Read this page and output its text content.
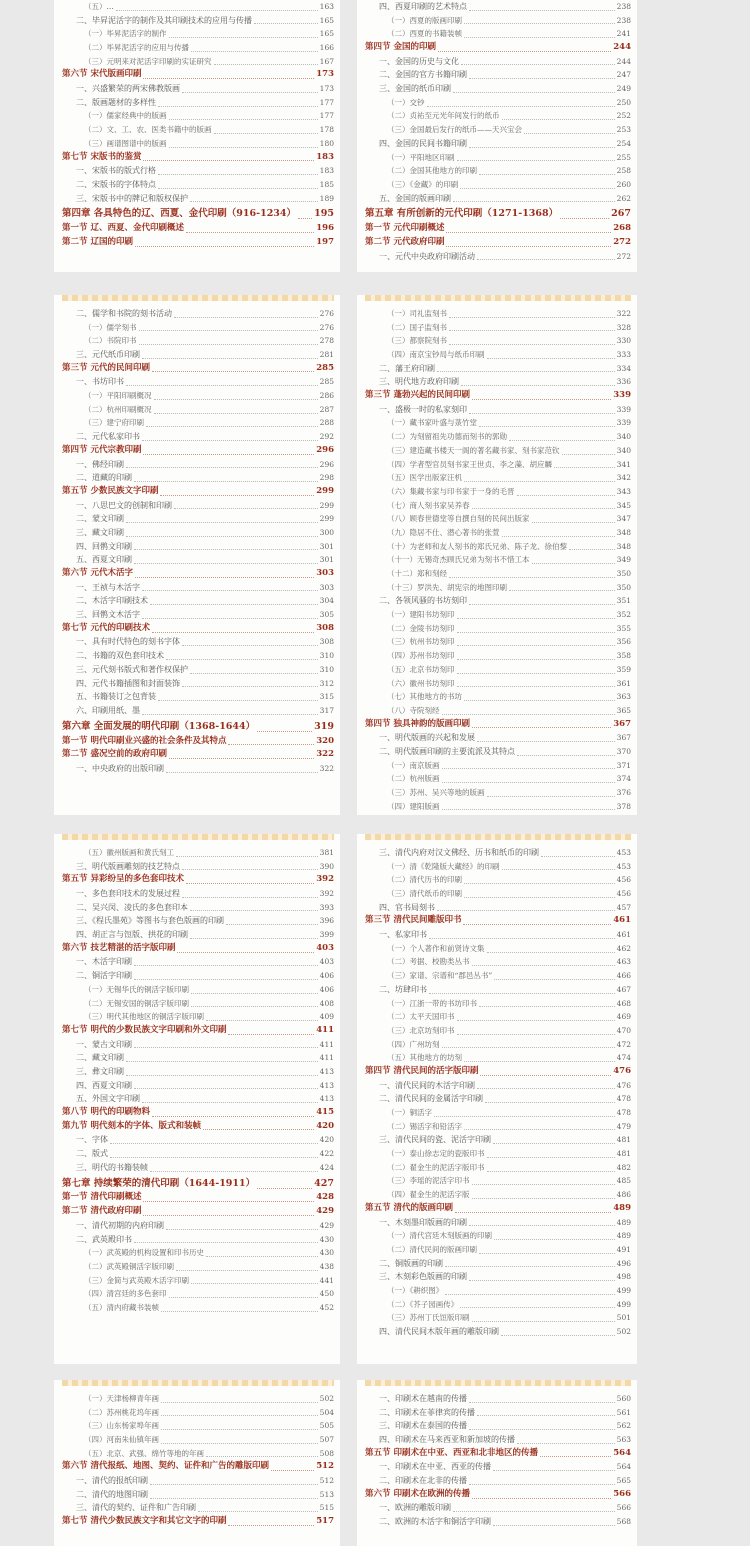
（五）...	163
二、毕昇泥活字的制作及其印刷技术的应用与传播	165
（一）毕昇泥活字的制作	165
（二）毕昇泥活字的应用与传播	166
（三）元明来对泥活字印刷的实证研究	167
第六节 宋代版画印刷	173
一、兴盛繁荣的两宋佛教版画	173
二、版画题材的多样性	177
（一）儒家经典中的版画	177
（二）文、工、农、医类书籍中的版画	178
（三）画谱图谱中的版画	180
第七节 宋版书的鉴赏	183
一、宋版书的版式行格	183
二、宋版书的字体特点	185
三、宋版书中的牌记和版权保护	189
第四章 各具特色的辽、西夏、金代印刷（916-1234） 195
第一节 辽、西夏、金代印刷概述	196
第二节 辽国的印刷	197
四、西夏印刷的艺术特点	238
（一）西夏的版画印刷	238
（二）西夏的书籍装帧	241
第四节 金国的印刷	244
一、金国的历史与文化	244
二、金国的官方书籍印刷	247
三、金国的纸币印刷	249
（一）交钞	250
（二）贞祐至元光年间发行的纸币	252
（三）金国最后发行的纸币——天兴宝会	253
四、金国的民间书籍印刷	254
（一）平阳地区印刷	255
（二）金国其他地方的印刷	258
（三）《金藏》的印刷	260
五、金国的版画印刷	262
第五章 有所创新的元代印刷（1271-1368）	267
第一节 元代印刷概述	268
第二节 元代政府印刷	272
一、元代中央政府印刷活动	272
二、儒学和书院的刻书活动	276
（一）儒学刻书	276
（二）书院印书	278
三、元代纸币印刷	281
第三节 元代的民间印刷	285
一、书坊印书	285
（一）平阳印刷概况	286
（二）杭州印刷概况	287
（三）建宁府印刷	288
二、元代私家印书	292
第四节 元代宗教印刷	296
一、佛经印刷	296
二、道藏的印刷	298
第五节 少数民族文字印刷	299
一、八思巴文的创制和印刷	299
二、蒙文印刷	299
三、藏文印刷	300
四、回鹘文印刷	301
五、西夏文印刷	301
第六节 元代木活字	303
一、王祯与木活字	303
二、木活字印刷技术	304
三、回鹘文木活字	305
第七节 元代的印刷技术	308
一、具有时代特色的刻书字体	308
二、书籍的双色套印技术	310
三、元代刻书版式和著作权保护	310
四、元代书籍插图和封面装饰	312
五、书籍装订之包背装	315
六、印刷用纸、墨	317
第六章 全面发展的明代印刷（1368-1644）	319
第一节 明代印刷业兴盛的社会条件及其特点	320
第二节 盛况空前的政府印刷	322
一、中央政府的出版印刷	322
（一）司礼监刻书	322
（二）国子监刻书	328
（三）都察院刻书	330
（四）南京宝钞局与纸币印刷	333
二、藩王府印刷	334
三、明代地方政府印刷	336
第三节 蓬勃兴起的民间印刷	339
一、盛极一时的私家刻印	339
（一）藏书家叶盛与菉竹堂	339
（二）为刻留祖先功德而刻书的郭勋	340
（三）建造藏书楼天一阁的著名藏书家、刻书家范钦	340
（四）学者型官员刻书家王世贞、李之藻、胡应麟	341
（五）医学出版家汪机	342
（六）集藏书家与印书家于一身的毛晋	343
（七）商人刻书家吴养春	345
（八）顾春世德堂等自撰自刻的民间出版家	347
（九）隐居不仕、潜心著书的张萱	348
（十）为老师和友人刻书的郑氏兄弟、陈子龙、徐伯黎	348
（十一）无锡奇杰顾氏兄弟为刻书不惜工本	349
（十二）郑和刻经	350
（十三）罗洪先、胡宪宗的地图印刷	350
二、各领风骚的书坊刻印	351
（一）建阳书坊刻印	352
（二）金陵书坊刻印	355
（三）杭州书坊刻印	356
（四）苏州书坊刻印	358
（五）北京书坊刻印	359
（六）徽州书坊刻印	361
（七）其他地方的书坊	363
（八）寺院刻经	365
第四节 独具神韵的版画印刷	367
一、明代版画的兴起和发展	367
二、明代版画印刷的主要流派及其特点	370
（一）南京版画	371
（二）杭州版画	374
（三）苏州、吴兴等地的版画	376
（四）建阳版画	378
（五）徽州版画和黄氏刻工	381
三、明代版画雕刻的技艺特点	390
第五节 异彩纷呈的多色套印技术	392
一、多色套印技术的发展过程	392
二、吴兴闵、凌氏的多色套印本	393
三、《程氏墨苑》等图书与套色版画的印刷	396
四、胡正言与饾版、拱花的印刷	399
第六节 技艺精湛的活字版印刷	403
一、木活字印刷	403
二、铜活字印刷	406
（一）无锡华氏的铜活字版印刷	406
（二）无锡安国的铜活字版印刷	408
（三）明代其他地区的铜活字版印刷	409
第七节 明代的少数民族文字印刷和外文印刷	411
一、蒙古文印刷	411
二、藏文印刷	411
三、彝文印刷	413
四、西夏文印刷	413
五、外国文字印刷	413
第八节 明代的印刷物料	415
第九节 明代刻本的字体、版式和装帧	420
一、字体	420
二、版式	422
三、明代的书籍装帧	424
第七章 持续繁荣的清代印刷（1644-1911）	427
第一节 清代印刷概述	428
第二节 清代政府印刷	429
一、清代初期的内府印刷	429
二、武英殿印书	430
（一）武英殿的机构设置和印书历史	430
（二）武英殿铜活字版印刷	438
（三）金简与武英殿木活字印刷	441
（四）清宫廷的多色套印	450
（五）清内府藏书装帧	452
三、清代内府对汉文佛经、历书和纸币的印刷	453
（一）清《乾隆版大藏经》的印刷	453
（二）清代历书的印刷	456
（三）清代纸币的印刷	456
四、官书局刻书	457
第三节 清代民间雕版印书	461
一、私家印书	461
（一）个人著作和前贤诗文集	462
（二）考据、校勘类丛书	463
（三）家谱、宗谱和“郡邑丛书”	466
二、坊肆印书	467
（一）江浙一带的书坊印书	468
（二）太平天国印书	469
（三）北京坊刻印书	470
（四）广州坊刻	472
（五）其他地方的坊刻	474
第四节 清代民间的活字版印刷	476
一、清代民间的木活字印刷	476
二、清代民间的金属活字印刷	478
（一）铜活字	478
（二）锡活字和铅活字	479
三、清代民间的瓷、泥活字印刷	481
（一）泰山徐志定的瓷版印书	481
（二）翟金生的泥活字版印书	482
（三）李瑶的泥活字印书	485
（四）翟金生的泥活字版	486
第五节 清代的版画印刷	489
一、木刻墨印版画的印刷	489
（一）清代宫廷木刻版画的印刷	489
（二）清代民间的版画印刷	491
二、铜版画的印刷	496
三、木刻彩色版画的印刷	498
（一）《耕织图》	499
（二）《芥子园画传》	499
（三）苏州丁氏饾版印刷	501
四、清代民间木版年画的雕版印刷	502
（一）天津杨柳青年画	502
（二）苏州桃花坞年画	504
（三）山东杨家埠年画	505
（四）河南朱仙镇年画	507
（五）北京、武强、绵竹等地的年画	508
第六节 清代报纸、地图、契约、证件和广告的雕版印刷	512
一、清代的报纸印刷	512
二、清代的地图印刷	513
三、清代的契约、证件和广告印刷	515
第七节 清代少数民族文字和其它文字的印刷	517
一、印刷术在越南的传播	560
二、印刷术在菲律宾的传播	561
三、印刷术在泰国的传播	562
四、印刷术在马来西亚和新加坡的传播	563
第五节 印刷术在中亚、西亚和北非地区的传播	564
一、印刷术在中亚、西亚的传播	564
二、印刷术在北非的传播	565
第六节 印刷术在欧洲的传播	566
一、欧洲的雕版印刷	566
二、欧洲的木活字和铜活字印刷	568
